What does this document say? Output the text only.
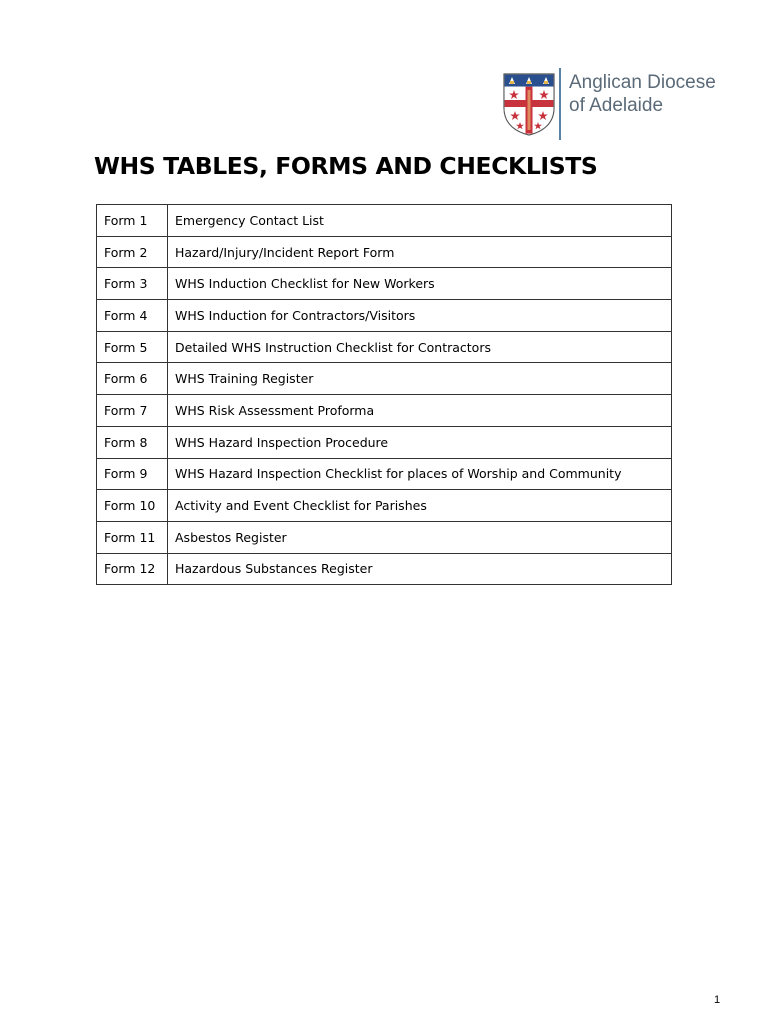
Anglican Diocese
of Adelaide
WHS TABLES, FORMS AND CHECKLISTS
Form 1	Emergency Contact List
Form 2	Hazard/Injury/Incident Report Form
Form 3	WHS Induction Checklist for New Workers
Form 4	WHS Induction for Contractors/Visitors
Form 5	Detailed WHS Instruction Checklist for Contractors
Form 6	WHS Training Register
Form 7	WHS Risk Assessment Proforma
Form 8	WHS Hazard Inspection Procedure
Form 9	WHS Hazard Inspection Checklist for places of Worship and Community
Form 10	Activity and Event Checklist for Parishes
Form 11	Asbestos Register
Form 12	Hazardous Substances Register
1
